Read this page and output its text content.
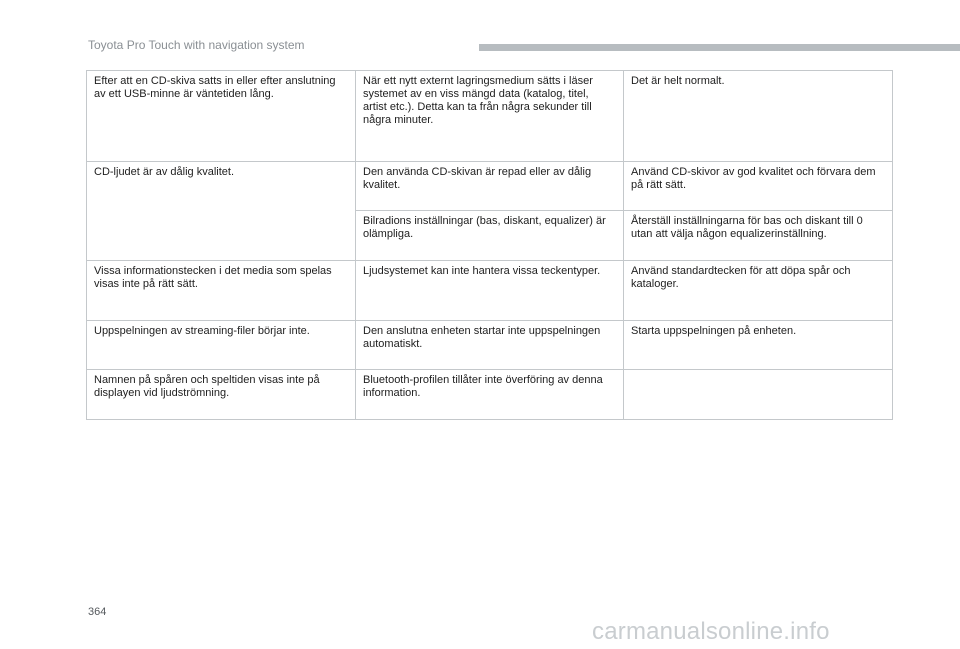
Toyota Pro Touch with navigation system
Efter att en CD-skiva satts in eller efter anslutning av ett USB-minne är väntetiden lång.	När ett nytt externt lagringsmedium sätts i läser systemet av en viss mängd data (katalog, titel, artist etc.). Detta kan ta från några sekunder till några minuter.	Det är helt normalt.
CD-ljudet är av dålig kvalitet.	Den använda CD-skivan är repad eller av dålig kvalitet.	Använd CD-skivor av god kvalitet och förvara dem på rätt sätt.
	Bilradions inställningar (bas, diskant, equalizer) är olämpliga.	Återställ inställningarna för bas och diskant till 0 utan att välja någon equalizerinställning.
Vissa informationstecken i det media som spelas visas inte på rätt sätt.	Ljudsystemet kan inte hantera vissa teckentyper.	Använd standardtecken för att döpa spår och kataloger.
Uppspelningen av streaming-filer börjar inte.	Den anslutna enheten startar inte uppspelningen automatiskt.	Starta uppspelningen på enheten.
Namnen på spåren och speltiden visas inte på displayen vid ljudströmning.	Bluetooth-profilen tillåter inte överföring av denna information.	
364
carmanualsonline.info
